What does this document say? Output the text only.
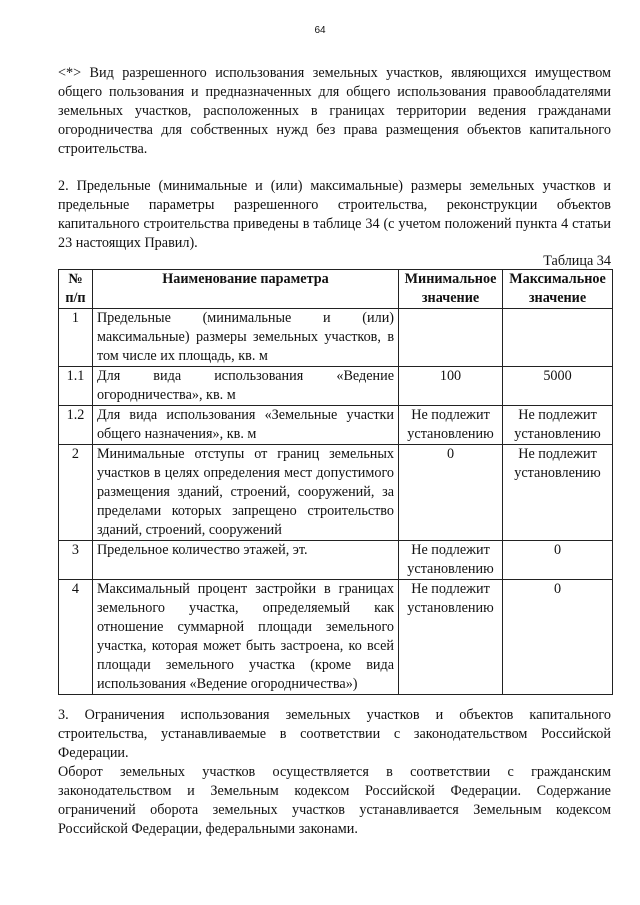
64

<*> Вид разрешенного использования земельных участков, являющихся имуществом общего пользования и предназначенных для общего использования правообладателями земельных участков, расположенных в границах территории ведения гражданами огородничества для собственных нужд без права размещения объектов капитального строительства.

2. Предельные (минимальные и (или) максимальные) размеры земельных участков и предельные параметры разрешенного строительства, реконструкции объектов капитального строительства приведены в таблице 34 (с учетом положений пункта 4 статьи 23 настоящих Правил).

Таблица 34
№ п/п	Наименование параметра	Минимальное значение	Максимальное значение
1	Предельные (минимальные и (или) максимальные) размеры земельных участков, в том числе их площадь, кв. м		
1.1	Для вида использования «Ведение огородничества», кв. м	100	5000
1.2	Для вида использования «Земельные участки общего назначения», кв. м	Не подлежит установлению	Не подлежит установлению
2	Минимальные отступы от границ земельных участков в целях определения мест допустимого размещения зданий, строений, сооружений, за пределами которых запрещено строительство зданий, строений, сооружений	0	Не подлежит установлению
3	Предельное количество этажей, эт.	Не подлежит установлению	0
4	Максимальный процент застройки в границах земельного участка, определяемый как отношение суммарной площади земельного участка, которая может быть застроена, ко всей площади земельного участка (кроме вида использования «Ведение огородничества»)	Не подлежит установлению	0

3. Ограничения использования земельных участков и объектов капитального строительства, устанавливаемые в соответствии с законодательством Российской Федерации.

Оборот земельных участков осуществляется в соответствии с гражданским законодательством и Земельным кодексом Российской Федерации. Содержание ограничений оборота земельных участков устанавливается Земельным кодексом Российской Федерации, федеральными законами.
